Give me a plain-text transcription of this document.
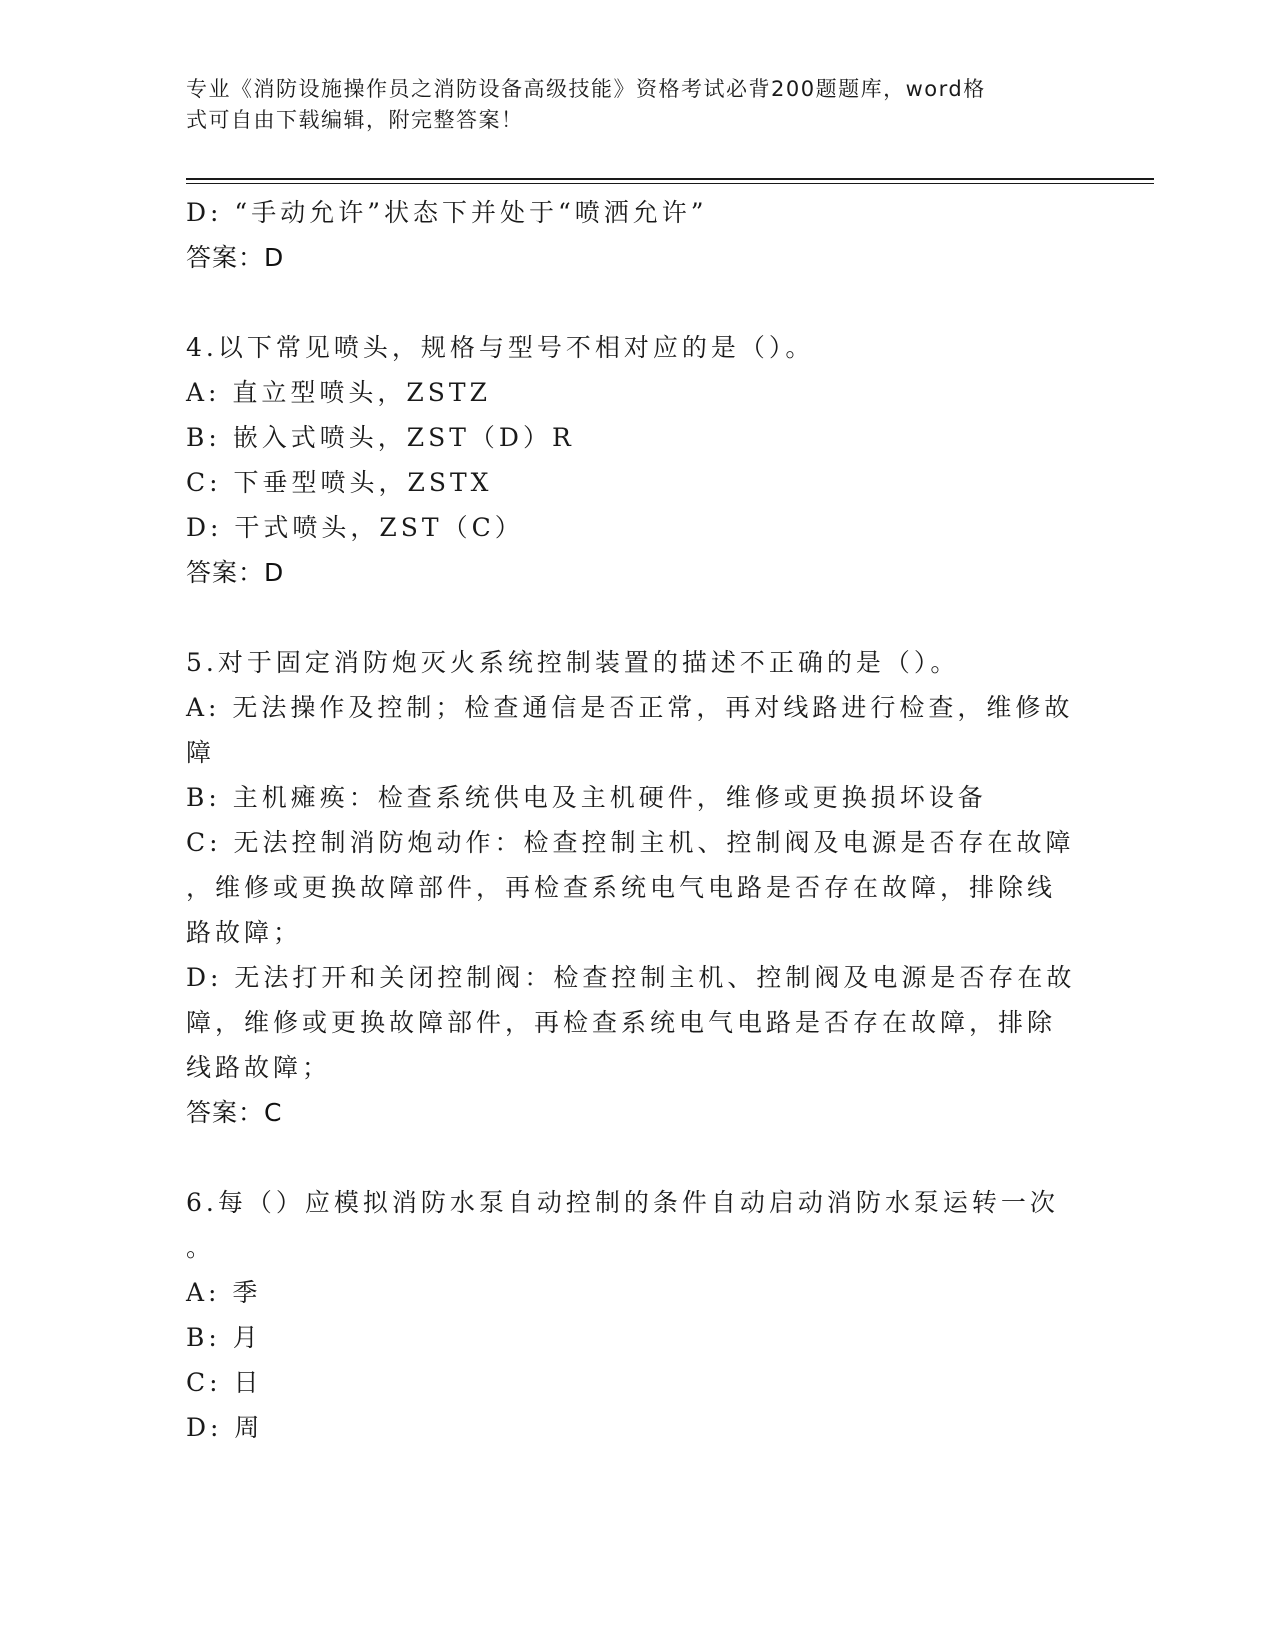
专业《消防设施操作员之消防设备高级技能》资格考试必背200题题库，word格
式可自由下载编辑，附完整答案！

D: “手动允许”状态下并处于“喷洒允许”

答案：D

4.以下常见喷头，规格与型号不相对应的是（）。

A: 直立型喷头，ZSTZ

B: 嵌入式喷头，ZST（D）R

C: 下垂型喷头，ZSTX

D: 干式喷头，ZST（C）

答案：D

5.对于固定消防炮灭火系统控制装置的描述不正确的是（）。

A: 无法操作及控制；检查通信是否正常，再对线路进行检查，维修故

障

B: 主机瘫痪：检查系统供电及主机硬件，维修或更换损坏设备

C: 无法控制消防炮动作：检查控制主机、控制阀及电源是否存在故障

，维修或更换故障部件，再检查系统电气电路是否存在故障，排除线

路故障；

D: 无法打开和关闭控制阀：检查控制主机、控制阀及电源是否存在故

障，维修或更换故障部件，再检查系统电气电路是否存在故障，排除

线路故障；

答案：C

6.每（）应模拟消防水泵自动控制的条件自动启动消防水泵运转一次

。

A: 季

B: 月

C: 日

D: 周
